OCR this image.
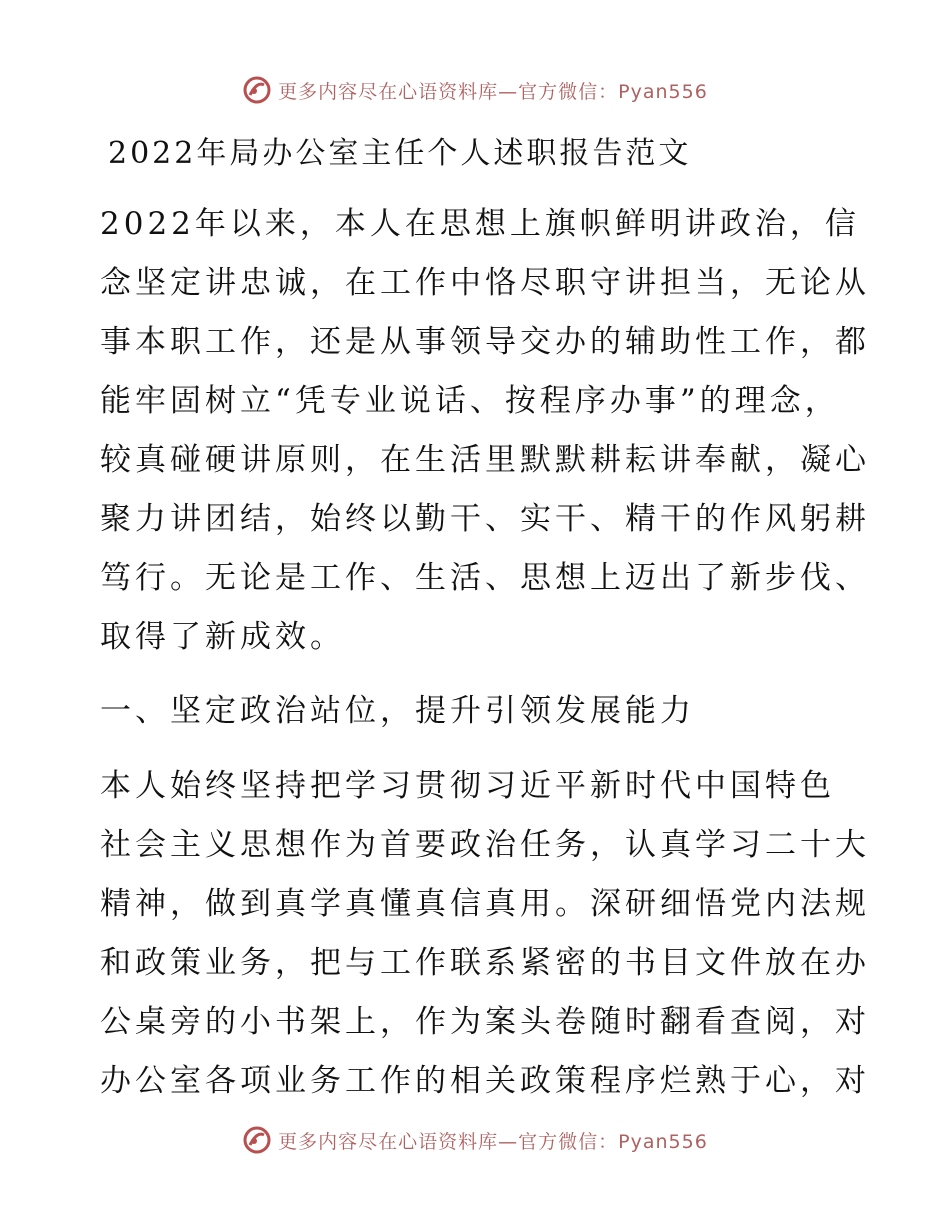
更多内容尽在心语资料库—官方微信：Pyan556
2022年局办公室主任个人述职报告范文
2022年以来，本人在思想上旗帜鲜明讲政治，信
念坚定讲忠诚，在工作中恪尽职守讲担当，无论从
事本职工作，还是从事领导交办的辅助性工作，都
能牢固树立“凭专业说话、按程序办事”的理念，
较真碰硬讲原则，在生活里默默耕耘讲奉献，凝心
聚力讲团结，始终以勤干、实干、精干的作风躬耕
笃行。无论是工作、生活、思想上迈出了新步伐、
取得了新成效。
一、坚定政治站位，提升引领发展能力
本人始终坚持把学习贯彻习近平新时代中国特色
社会主义思想作为首要政治任务，认真学习二十大
精神，做到真学真懂真信真用。深研细悟党内法规
和政策业务，把与工作联系紧密的书目文件放在办
公桌旁的小书架上，作为案头卷随时翻看查阅，对
办公室各项业务工作的相关政策程序烂熟于心，对
更多内容尽在心语资料库—官方微信：Pyan556
